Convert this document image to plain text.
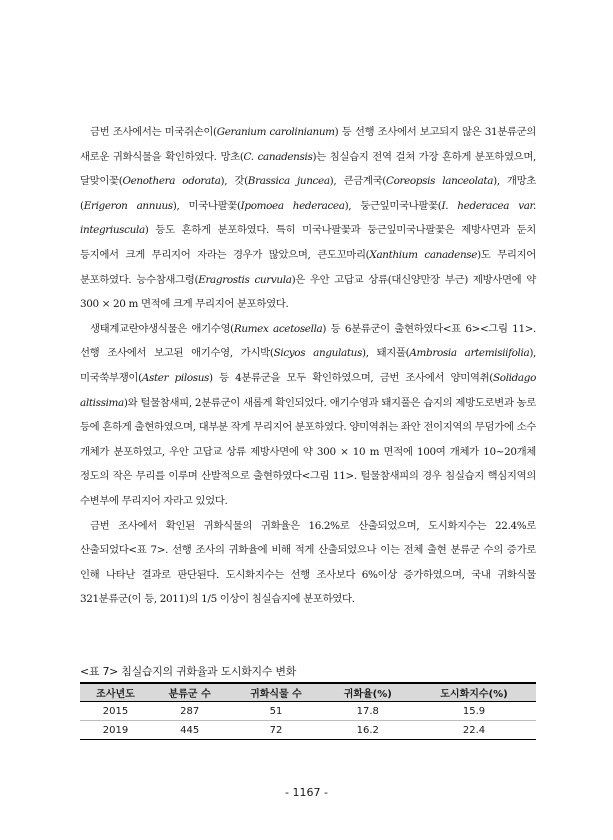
금번 조사에서는 미국쥐손이(Geranium carolinianum) 등 선행 조사에서 보고되지 않은 31분류군의 새로운 귀화식물을 확인하였다. 망초(C. canadensis)는 침실습지 전역 걸쳐 가장 흔하게 분포하였으며, 달맞이꽃(Oenothera odorata), 갓(Brassica juncea), 큰금계국(Coreopsis lanceolata), 개망초(Erigeron annuus), 미국나팔꽃(Ipomoea hederacea), 둥근잎미국나팔꽃(I. hederacea var. integriuscula) 등도 흔하게 분포하였다. 특히 미국나팔꽃과 둥근잎미국나팔꽃은 제방사면과 둔치 등지에서 크게 무리지어 자라는 경우가 많았으며, 큰도꼬마리(Xanthium canadense)도 무리지어 분포하였다. 능수참새그령(Eragrostis curvula)은 우안 고답교 상류(대신양만장 부근) 제방사면에 약 300 × 20 m 면적에 크게 무리지어 분포하였다.

생태계교란야생식물은 애기수영(Rumex acetosella) 등 6분류군이 출현하였다<표 6><그림 11>. 선행 조사에서 보고된 애기수영, 가시박(Sicyos angulatus), 돼지풀(Ambrosia artemisiifolia), 미국쑥부쟁이(Aster pilosus) 등 4분류군을 모두 확인하였으며, 금번 조사에서 양미역취(Solidago altissima)와 털물참새피, 2분류군이 새롭게 확인되었다. 애기수영과 돼지풀은 습지의 제방도로변과 농로 등에 흔하게 출현하였으며, 대부분 작게 무리지어 분포하였다. 양미역취는 좌안 전이지역의 무덤가에 소수 개체가 분포하였고, 우안 고답교 상류 제방사면에 약 300 × 10 m 면적에 100여 개체가 10~20개체 정도의 작은 무리를 이루며 산발적으로 출현하였다<그림 11>. 털물참새피의 경우 침실습지 핵심지역의 수변부에 무리지어 자라고 있었다.

금번 조사에서 확인된 귀화식물의 귀화율은 16.2%로 산출되었으며, 도시화지수는 22.4%로 산출되었다<표 7>. 선행 조사의 귀화율에 비해 적게 산출되었으나 이는 전체 출현 분류군 수의 증가로 인해 나타난 결과로 판단된다. 도시화지수는 선행 조사보다 6%이상 증가하였으며, 국내 귀화식물 321분류군(이 등, 2011)의 1/5 이상이 침실습지에 분포하였다.

<표 7> 침실습지의 귀화율과 도시화지수 변화
조사년도	분류군 수	귀화식물 수	귀화율(%)	도시화지수(%)
2015	287	51	17.8	15.9
2019	445	72	16.2	22.4
- 1167 -
